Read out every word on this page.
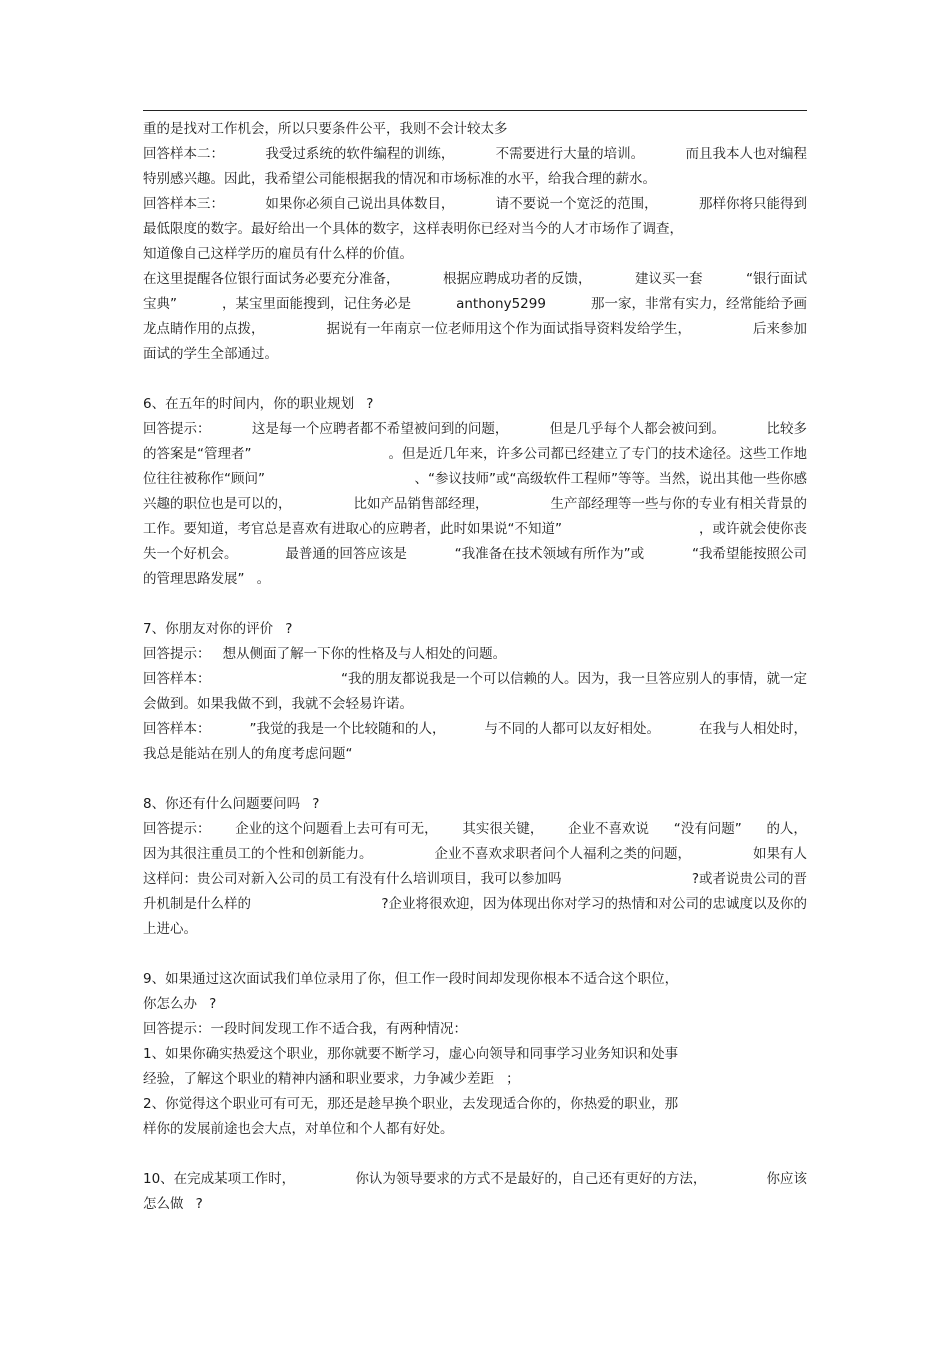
重的是找对工作机会，所以只要条件公平，我则不会计较太多
回答样本二：	我受过系统的软件编程的训练，	不需要进行大量的培训。	而且我本人也对编程
特别感兴趣。因此，我希望公司能根据我的情况和市场标准的水平，给我合理的薪水。
回答样本三：	如果你必须自己说出具体数目，	请不要说一个宽泛的范围，	那样你将只能得到
最低限度的数字。最好给出一个具体的数字，这样表明你已经对当今的人才市场作了调查，
知道像自己这样学历的雇员有什么样的价值。
在这里提醒各位银行面试务必要充分准备，	根据应聘成功者的反馈，	建议买一套	“银行面试
宝典”	，某宝里面能搜到，记住务必是	anthony5299	那一家，非常有实力，经常能给予画
龙点睛作用的点拨，	据说有一年南京一位老师用这个作为面试指导资料发给学生，	后来参加
面试的学生全部通过。
6、在五年的时间内，你的职业规划 ?
回答提示：	这是每一个应聘者都不希望被问到的问题，	但是几乎每个人都会被问到。	比较多
的答案是“管理者”	。但是近几年来，许多公司都已经建立了专门的技术途径。这些工作地
位往往被称作“顾问”	、“参议技师”或“高级软件工程师”等等。当然，说出其他一些你感
兴趣的职位也是可以的，	比如产品销售部经理，	生产部经理等一些与你的专业有相关背景的
工作。要知道，考官总是喜欢有进取心的应聘者，此时如果说“不知道”	，或许就会使你丧
失一个好机会。	最普通的回答应该是	“我准备在技术领域有所作为”或	“我希望能按照公司
的管理思路发展” 。
7、你朋友对你的评价 ?
回答提示： 想从侧面了解一下你的性格及与人相处的问题。
回答样本：	“我的朋友都说我是一个可以信赖的人。因为，我一旦答应别人的事情，就一定
会做到。如果我做不到，我就不会轻易许诺。
回答样本：	”我觉的我是一个比较随和的人，	与不同的人都可以友好相处。	在我与人相处时，
我总是能站在别人的角度考虑问题“
8、你还有什么问题要问吗 ?
回答提示： 企业的这个问题看上去可有可无， 其实很关键， 企业不喜欢说 “没有问题” 的人，
因为其很注重员工的个性和创新能力。	企业不喜欢求职者问个人福利之类的问题，	如果有人
这样问：贵公司对新入公司的员工有没有什么培训项目，我可以参加吗	?或者说贵公司的晋
升机制是什么样的	?企业将很欢迎，因为体现出你对学习的热情和对公司的忠诚度以及你的
上进心。
9、如果通过这次面试我们单位录用了你，但工作一段时间却发现你根本不适合这个职位，
你怎么办 ?
回答提示：一段时间发现工作不适合我，有两种情况：
1、如果你确实热爱这个职业，那你就要不断学习，虚心向领导和同事学习业务知识和处事
经验，了解这个职业的精神内涵和职业要求，力争减少差距 ；
2、你觉得这个职业可有可无，那还是趁早换个职业，去发现适合你的，你热爱的职业，那
样你的发展前途也会大点，对单位和个人都有好处。
10、在完成某项工作时，	你认为领导要求的方式不是最好的，自己还有更好的方法，	你应该
怎么做 ?
